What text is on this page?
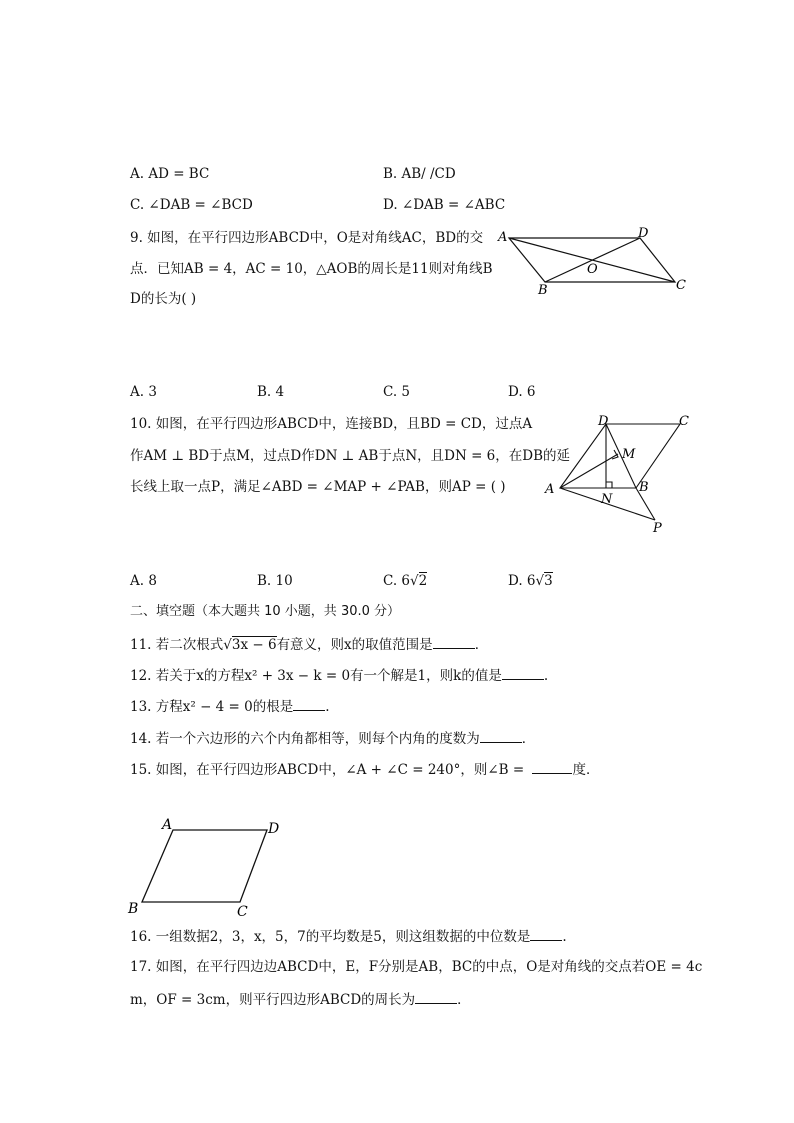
A. AD = BC	B. AB/ /CD
C. ∠DAB = ∠BCD	D. ∠DAB = ∠ABC
9. 如图，在平行四边形ABCD中，O是对角线AC，BD的交
点．已知AB = 4，AC = 10，△AOB的周长是11则对角线B
D的长为( )
A	D
O
B	C
A. 3	B. 4	C. 5	D. 6
10. 如图，在平行四边形ABCD中，连接BD，且BD = CD，过点A
作AM ⊥ BD于点M，过点D作DN ⊥ AB于点N，且DN = 6，在DB的延
长线上取一点P，满足∠ABD = ∠MAP + ∠PAB，则AP = ( )
D	C
M
A
N
B
P
A. 8	B. 10	C. 6√2	D. 6√3
二、填空题（本大题共 10 小题，共 30.0 分）
11. 若二次根式√3x − 6有意义，则x的取值范围是	．
12. 若关于x的方程x² + 3x − k = 0有一个解是1，则k的值是	.
13. 方程x² − 4 = 0的根是 .
14. 若一个六边形的六个内角都相等，则每个内角的度数为	．
15. 如图，在平行四边形ABCD中，∠A + ∠C = 240°，则∠B =	度．
A	D
B	C
16. 一组数据2，3，x，5，7的平均数是5，则这组数据的中位数是 .
17. 如图，在平行四边边ABCD中，E，F分别是AB，BC的中点，O是对角线的交点若OE = 4c
m，OF = 3cm，则平行四边形ABCD的周长为	．
